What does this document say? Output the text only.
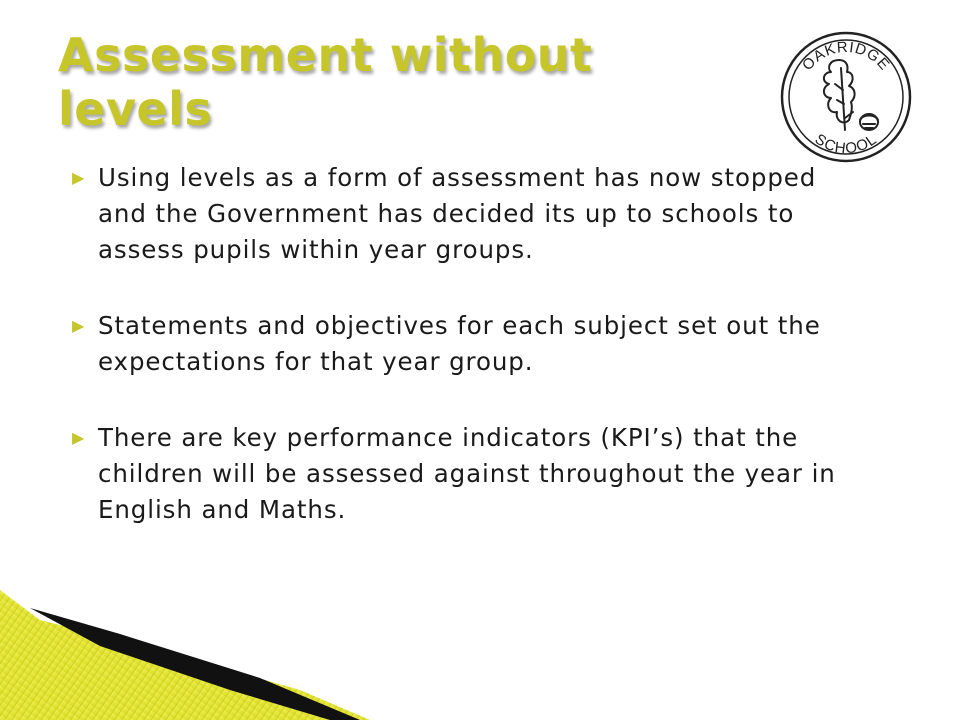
Assessment without
levels
OAKRIDGE
SCHOOL
▶ Using levels as a form of assessment has now stopped and the Government has decided its up to schools to assess pupils within year groups.
▶ Statements and objectives for each subject set out the expectations for that year group.
▶ There are key performance indicators (KPI’s) that the children will be assessed against throughout the year in English and Maths.
